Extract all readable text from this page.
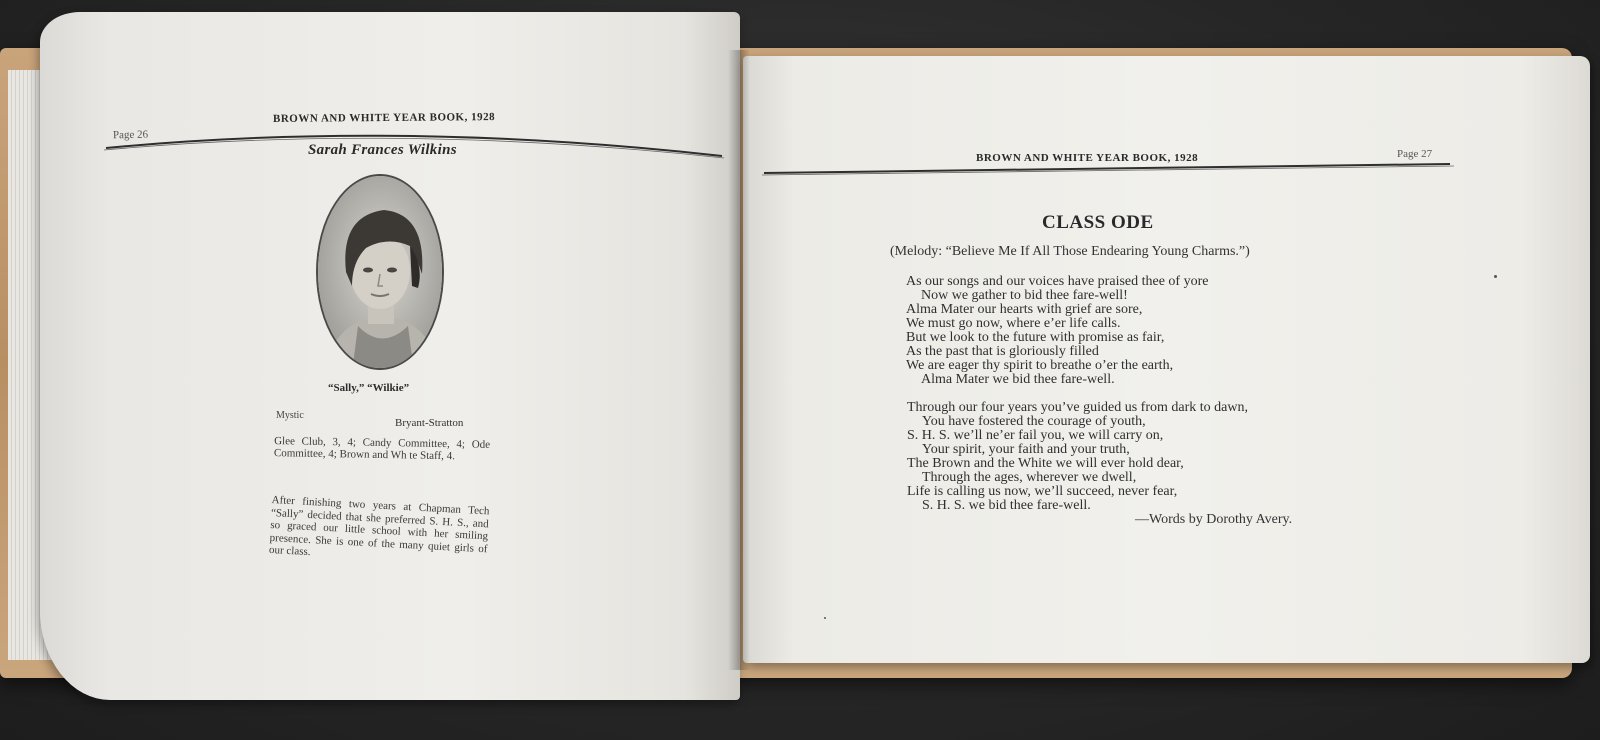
Page 26
BROWN AND WHITE YEAR BOOK, 1928
Sarah Frances Wilkins
“Sally,” “Wilkie”
Mystic
Bryant-Stratton
Glee Club, 3, 4; Candy Committee, 4; Ode Committee, 4; Brown and Wh te Staff, 4.
After finishing two years at Chapman Tech “Sally” decided that she preferred S. H. S., and so graced our little school with her smiling presence. She is one of the many quiet girls of our class.
BROWN AND WHITE YEAR BOOK, 1928	Page 27
CLASS ODE
(Melody: “Believe Me If All Those Endearing Young Charms.”)
As our songs and our voices have praised thee of yore
Now we gather to bid thee fare-well!
Alma Mater our hearts with grief are sore,
We must go now, where e’er life calls.
But we look to the future with promise as fair,
As the past that is gloriously filled
We are eager thy spirit to breathe o’er the earth,
Alma Mater we bid thee fare-well.
Through our four years you’ve guided us from dark to dawn,
You have fostered the courage of youth,
S. H. S. we’ll ne’er fail you, we will carry on,
Your spirit, your faith and your truth,
The Brown and the White we will ever hold dear,
Through the ages, wherever we dwell,
Life is calling us now, we’ll succeed, never fear,
S. H. S. we bid thee fare-well.
—Words by Dorothy Avery.
